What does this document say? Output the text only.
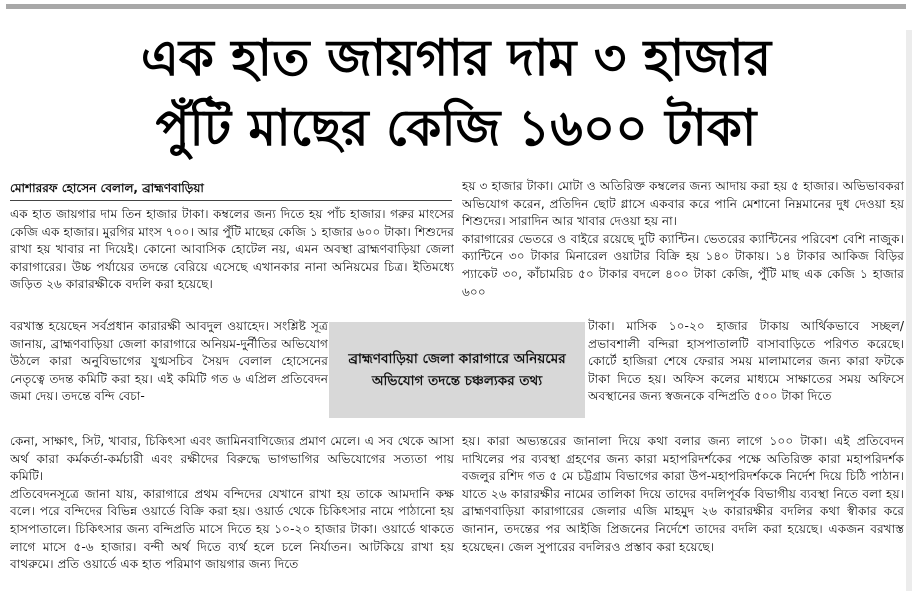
এক হাত জায়গার দাম ৩ হাজার
পুঁটি মাছের কেজি ১৬০০ টাকা
মোশাররফ হোসেন বেলাল, ব্রাহ্মণবাড়িয়া

এক হাত জায়গার দাম তিন হাজার টাকা। কম্বলের জন্য দিতে হয় পাঁচ হাজার। গরুর মাংসের কেজি এক হাজার। মুরগির মাংস ৭০০। আর পুঁটি মাছের কেজি ১ হাজার ৬০০ টাকা। শিশুদের রাখা হয় খাবার না দিয়েই। কোনো আবাসিক হোটেল নয়, এমন অবস্থা ব্রাহ্মণবাড়িয়া জেলা কারাগারের। উচ্চ পর্যায়ের তদন্তে বেরিয়ে এসেছে এখানকার নানা অনিয়মের চিত্র। ইতিমধ্যে জড়িত ২৬ কারারক্ষীকে বদলি করা হয়েছে।

বরখাস্ত হয়েছেন সর্বপ্রধান কারারক্ষী আবদুল ওয়াহেদ। সংশ্লিষ্ট সূত্র জানায়, ব্রাহ্মণবাড়িয়া জেলা কারাগারে অনিয়ম-দুর্নীতির অভিযোগ উঠলে কারা অনুবিভাগের যুগ্মসচিব সৈয়দ বেলাল হোসেনের নেতৃত্বে তদন্ত কমিটি করা হয়। এই কমিটি গত ৬ এপ্রিল প্রতিবেদন জমা দেয়। তদন্তে বন্দি বেচা-

কেনা, সাক্ষাৎ, সিট, খাবার, চিকিৎসা এবং জামিনবাণিজ্যের প্রমাণ মেলে। এ সব থেকে আসা অর্থ কারা কর্মকর্তা-কর্মচারী এবং রক্ষীদের বিরুদ্ধে ভাগভাগির অভিযোগের সত্যতা পায় কমিটি।

প্রতিবেদনসূত্রে জানা যায়, কারাগারে প্রথম বন্দিদের যেখানে রাখা হয় তাকে আমদানি কক্ষ বলে। পরে বন্দিদের বিভিন্ন ওয়ার্ডে বিক্রি করা হয়। ওয়ার্ড থেকে চিকিৎসার নামে পাঠানো হয় হাসপাতালে। চিকিৎসার জন্য বন্দিপ্রতি মাসে দিতে হয় ১০-২০ হাজার টাকা। ওয়ার্ডে থাকতে লাগে মাসে ৫-৬ হাজার। বন্দী অর্থ দিতে ব্যর্থ হলে চলে নির্যাতন। আটকিয়ে রাখা হয় বাথরুমে। প্রতি ওয়ার্ডে এক হাত পরিমাণ জায়গার জন্য দিতে

হয় ৩ হাজার টাকা। মোটা ও অতিরিক্ত কম্বলের জন্য আদায় করা হয় ৫ হাজার। অভিভাবকরা অভিযোগ করেন, প্রতিদিন ছোট গ্লাসে একবার করে পানি মেশানো নিম্নমানের দুধ দেওয়া হয় শিশুদের। সারাদিন আর খাবার দেওয়া হয় না।

কারাগারের ভেতরে ও বাইরে রয়েছে দুটি ক্যান্টিন। ভেতরের ক্যান্টিনের পরিবেশ বেশি নাজুক। ক্যান্টিনে ৩০ টাকার মিনারেল ওয়াটার বিক্রি হয় ১৪০ টাকায়। ১৪ টাকার আকিজ বিড়ির প্যাকেট ৩০, কাঁচামরিচ ৫০ টাকার বদলে ৪০০ টাকা কেজি, পুঁটি মাছ এক কেজি ১ হাজার ৬০০

টাকা। মাসিক ১০-২০ হাজার টাকায় আর্থিকভাবে সচ্ছল/প্রভাবশালী বন্দিরা হাসপাতালটি বাসাবাড়িতে পরিণত করেছে। কোর্টে হাজিরা শেষে ফেরার সময় মালামালের জন্য কারা ফটকে টাকা দিতে হয়। অফিস কলের মাধ্যমে সাক্ষাতের সময় অফিসে অবস্থানের জন্য স্বজনকে বন্দিপ্রতি ৫০০ টাকা দিতে

হয়। কারা অভ্যন্তরের জানালা দিয়ে কথা বলার জন্য লাগে ১০০ টাকা। এই প্রতিবেদন দাখিলের পর ব্যবস্থা গ্রহণের জন্য কারা মহাপরিদর্শকের পক্ষে অতিরিক্ত কারা মহাপরিদর্শক বজলুর রশিদ গত ৫ মে চট্টগ্রাম বিভাগের কারা উপ-মহাপরিদর্শককে নির্দেশ দিয়ে চিঠি পাঠান। যাতে ২৬ কারারক্ষীর নামের তালিকা দিয়ে তাদের বদলিপূর্বক বিভাগীয় ব্যবস্থা নিতে বলা হয়। ব্রাহ্মণবাড়িয়া কারাগারের জেলার এজি মাহমুদ ২৬ কারারক্ষীর বদলির কথা স্বীকার করে জানান, তদন্তের পর আইজি প্রিজনের নির্দেশে তাদের বদলি করা হয়েছে। একজন বরখাস্ত হয়েছেন। জেল সুপারের বদলিরও প্রস্তাব করা হয়েছে।

ব্রাহ্মণবাড়িয়া জেলা কারাগারে অনিয়মের অভিযোগ তদন্তে চঞ্চল্যকর তথ্য
